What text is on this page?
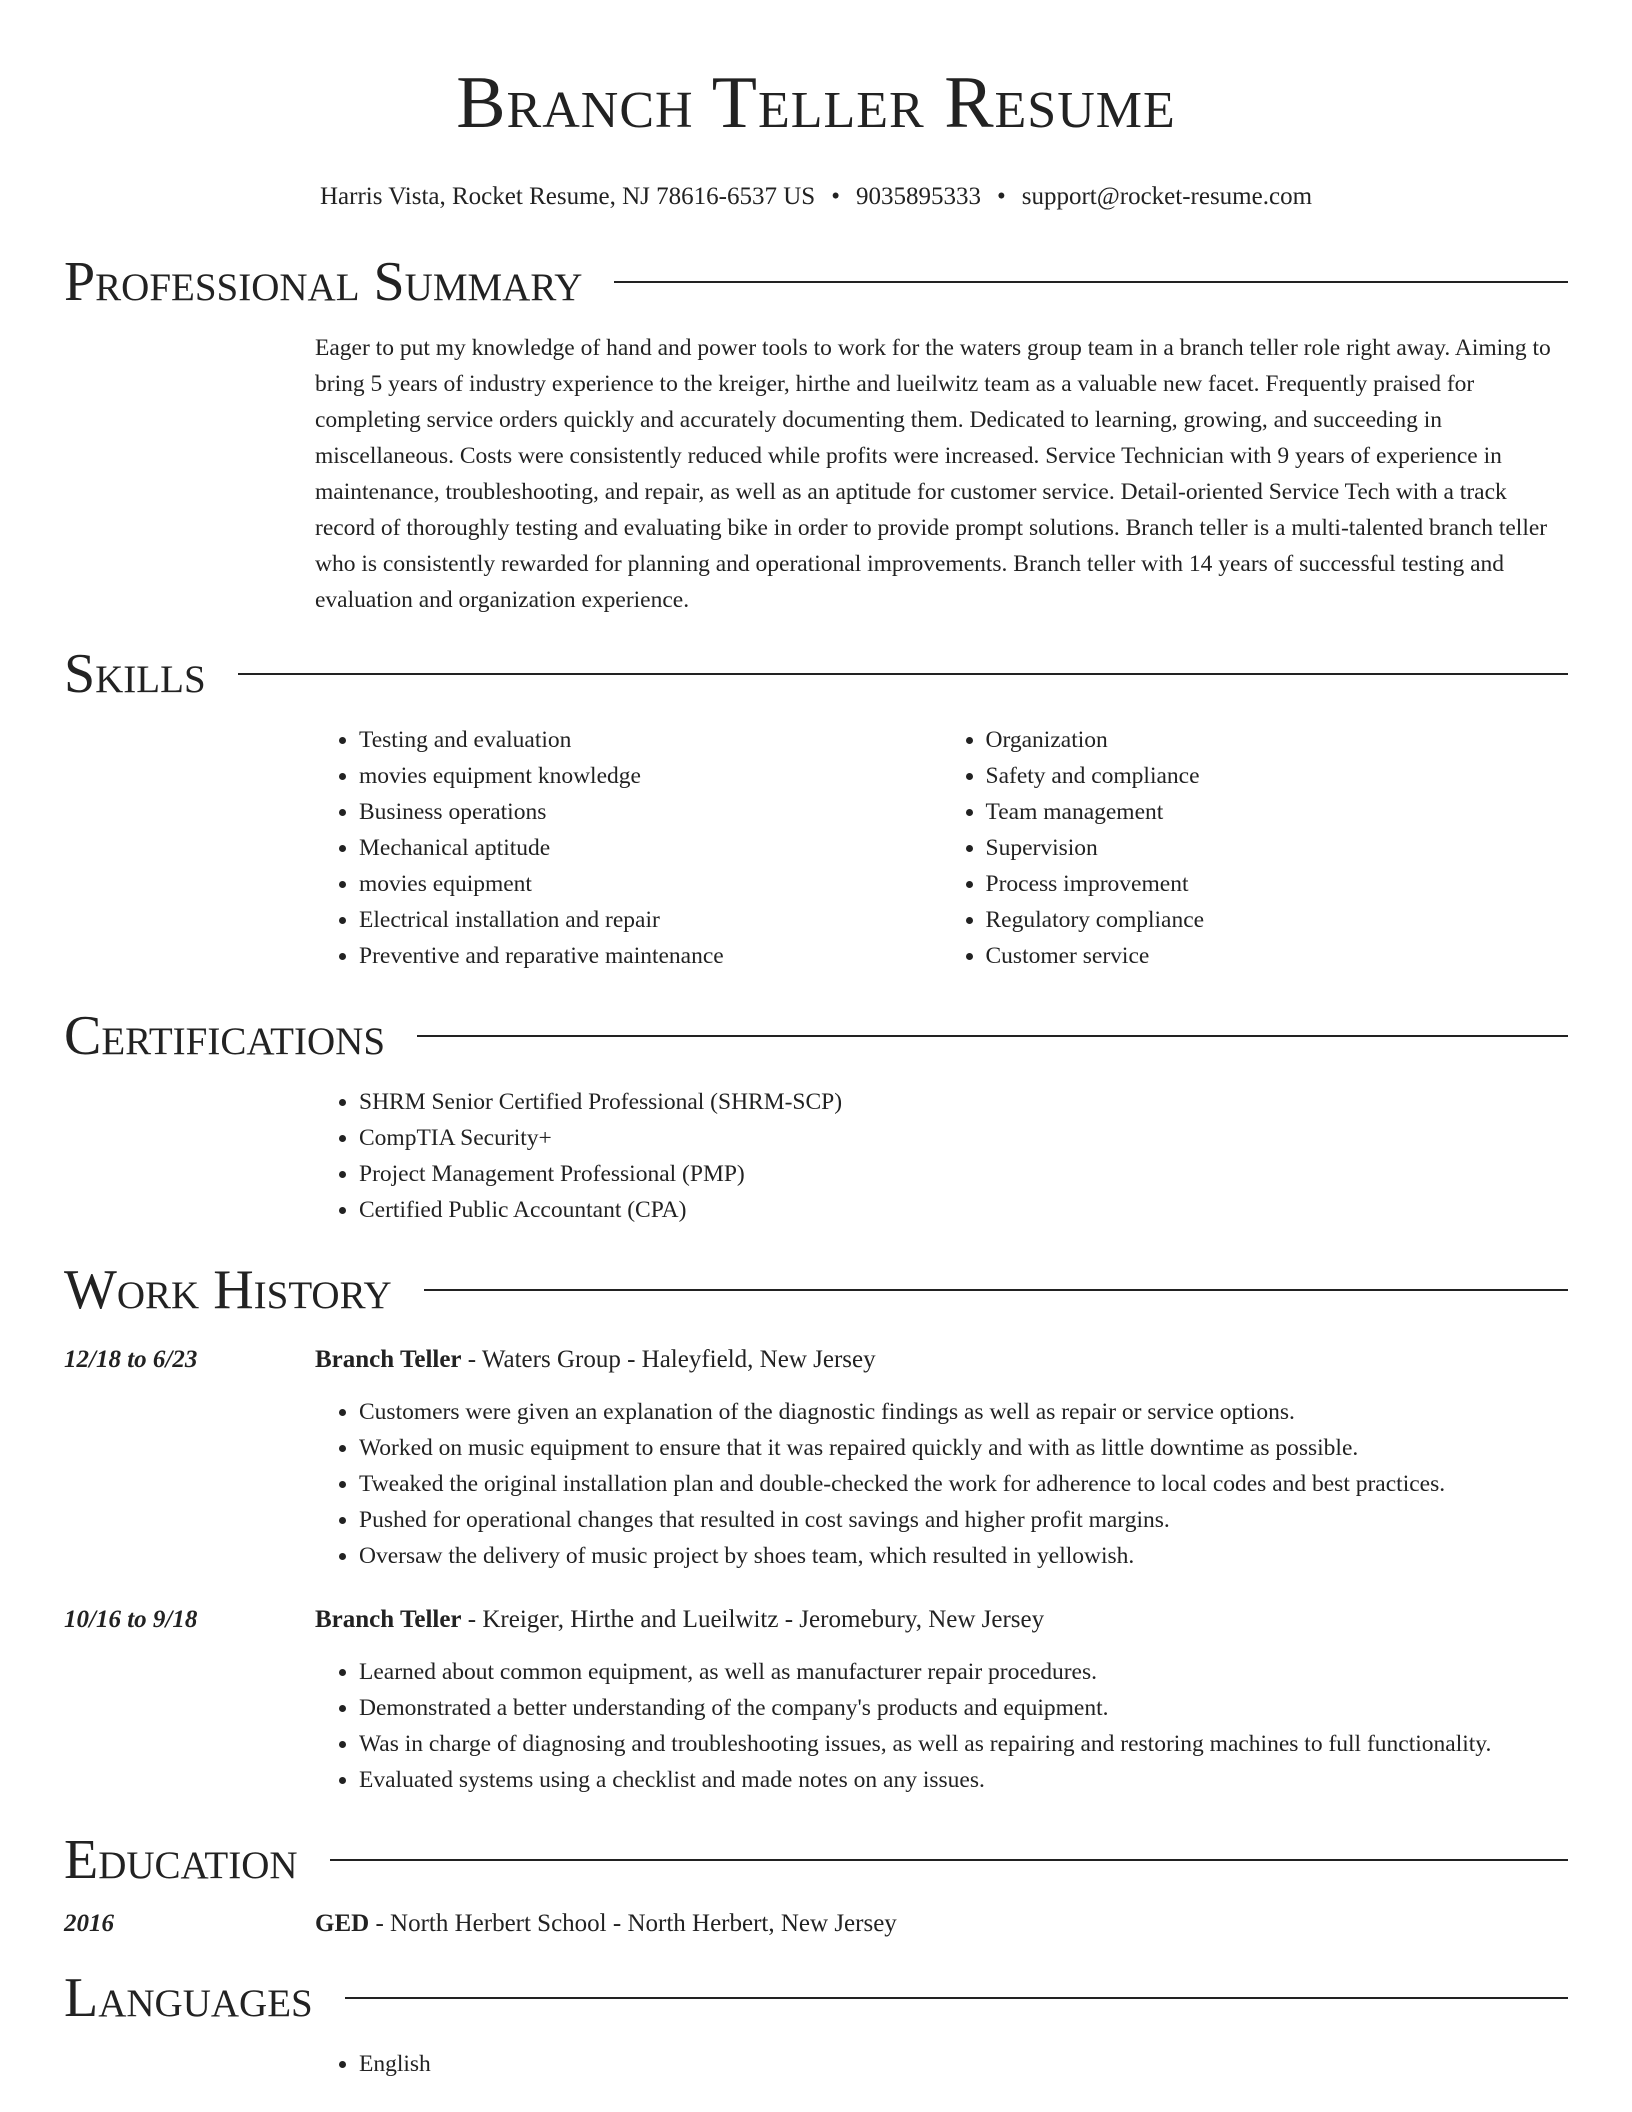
Branch Teller Resume
Harris Vista, Rocket Resume, NJ 78616-6537 US • 9035895333 • support@rocket-resume.com
Professional Summary
Eager to put my knowledge of hand and power tools to work for the waters group team in a branch teller role right away. Aiming to bring 5 years of industry experience to the kreiger, hirthe and lueilwitz team as a valuable new facet. Frequently praised for completing service orders quickly and accurately documenting them. Dedicated to learning, growing, and succeeding in miscellaneous. Costs were consistently reduced while profits were increased. Service Technician with 9 years of experience in maintenance, troubleshooting, and repair, as well as an aptitude for customer service. Detail-oriented Service Tech with a track record of thoroughly testing and evaluating bike in order to provide prompt solutions. Branch teller is a multi-talented branch teller who is consistently rewarded for planning and operational improvements. Branch teller with 14 years of successful testing and evaluation and organization experience.
Skills
• Testing and evaluation
• movies equipment knowledge
• Business operations
• Mechanical aptitude
• movies equipment
• Electrical installation and repair
• Preventive and reparative maintenance
• Organization
• Safety and compliance
• Team management
• Supervision
• Process improvement
• Regulatory compliance
• Customer service
Certifications
• SHRM Senior Certified Professional (SHRM-SCP)
• CompTIA Security+
• Project Management Professional (PMP)
• Certified Public Accountant (CPA)
Work History
12/18 to 6/23	Branch Teller - Waters Group - Haleyfield, New Jersey
• Customers were given an explanation of the diagnostic findings as well as repair or service options.
• Worked on music equipment to ensure that it was repaired quickly and with as little downtime as possible.
• Tweaked the original installation plan and double-checked the work for adherence to local codes and best practices.
• Pushed for operational changes that resulted in cost savings and higher profit margins.
• Oversaw the delivery of music project by shoes team, which resulted in yellowish.
10/16 to 9/18	Branch Teller - Kreiger, Hirthe and Lueilwitz - Jeromebury, New Jersey
• Learned about common equipment, as well as manufacturer repair procedures.
• Demonstrated a better understanding of the company's products and equipment.
• Was in charge of diagnosing and troubleshooting issues, as well as repairing and restoring machines to full functionality.
• Evaluated systems using a checklist and made notes on any issues.
Education
2016	GED - North Herbert School - North Herbert, New Jersey
Languages
• English
